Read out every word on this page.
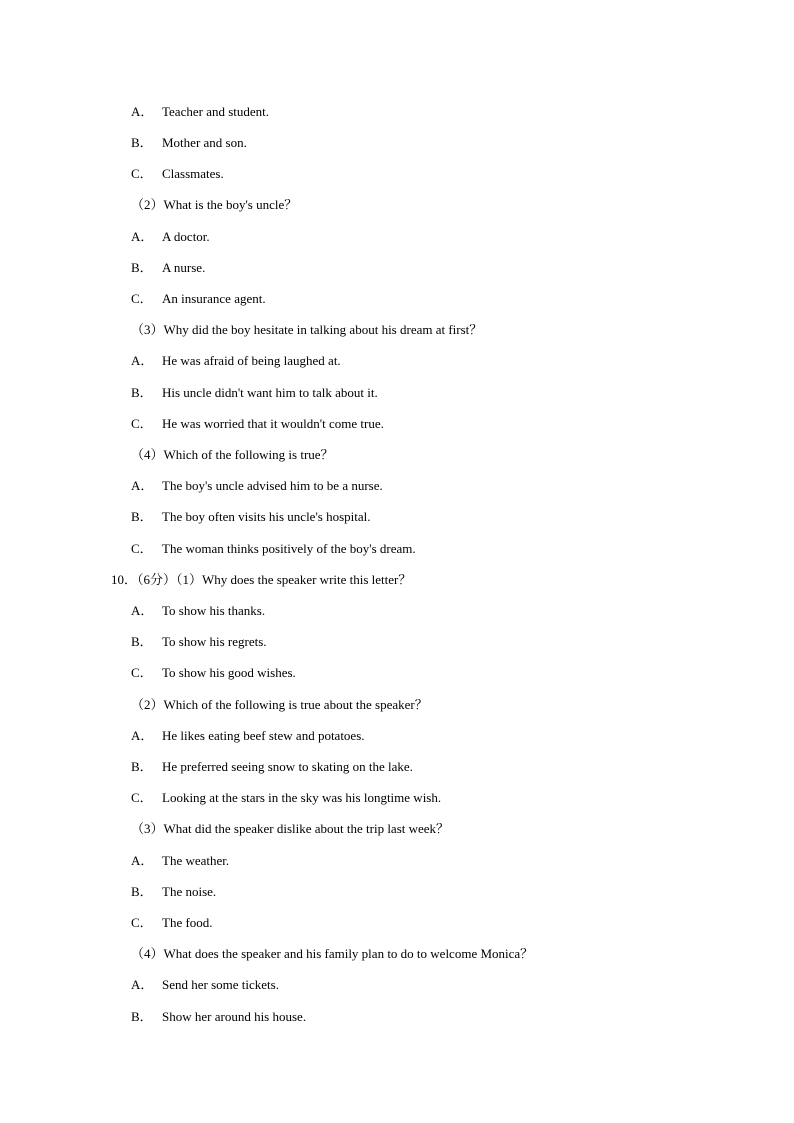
A． Teacher and student.
B． Mother and son.
C． Classmates.
（2）What is the boy's uncle？
A． A doctor.
B． A nurse.
C． An insurance agent.
（3）Why did the boy hesitate in talking about his dream at first？
A． He was afraid of being laughed at.
B． His uncle didn't want him to talk about it.
C． He was worried that it wouldn't come true.
（4）Which of the following is true？
A． The boy's uncle advised him to be a nurse.
B． The boy often visits his uncle's hospital.
C． The woman thinks positively of the boy's dream.
10．（6分）（1）Why does the speaker write this letter？
A． To show his thanks.
B． To show his regrets.
C． To show his good wishes.
（2）Which of the following is true about the speaker？
A． He likes eating beef stew and potatoes.
B． He preferred seeing snow to skating on the lake.
C． Looking at the stars in the sky was his longtime wish.
（3）What did the speaker dislike about the trip last week？
A． The weather.
B． The noise.
C． The food.
（4）What does the speaker and his family plan to do to welcome Monica？
A． Send her some tickets.
B． Show her around his house.
